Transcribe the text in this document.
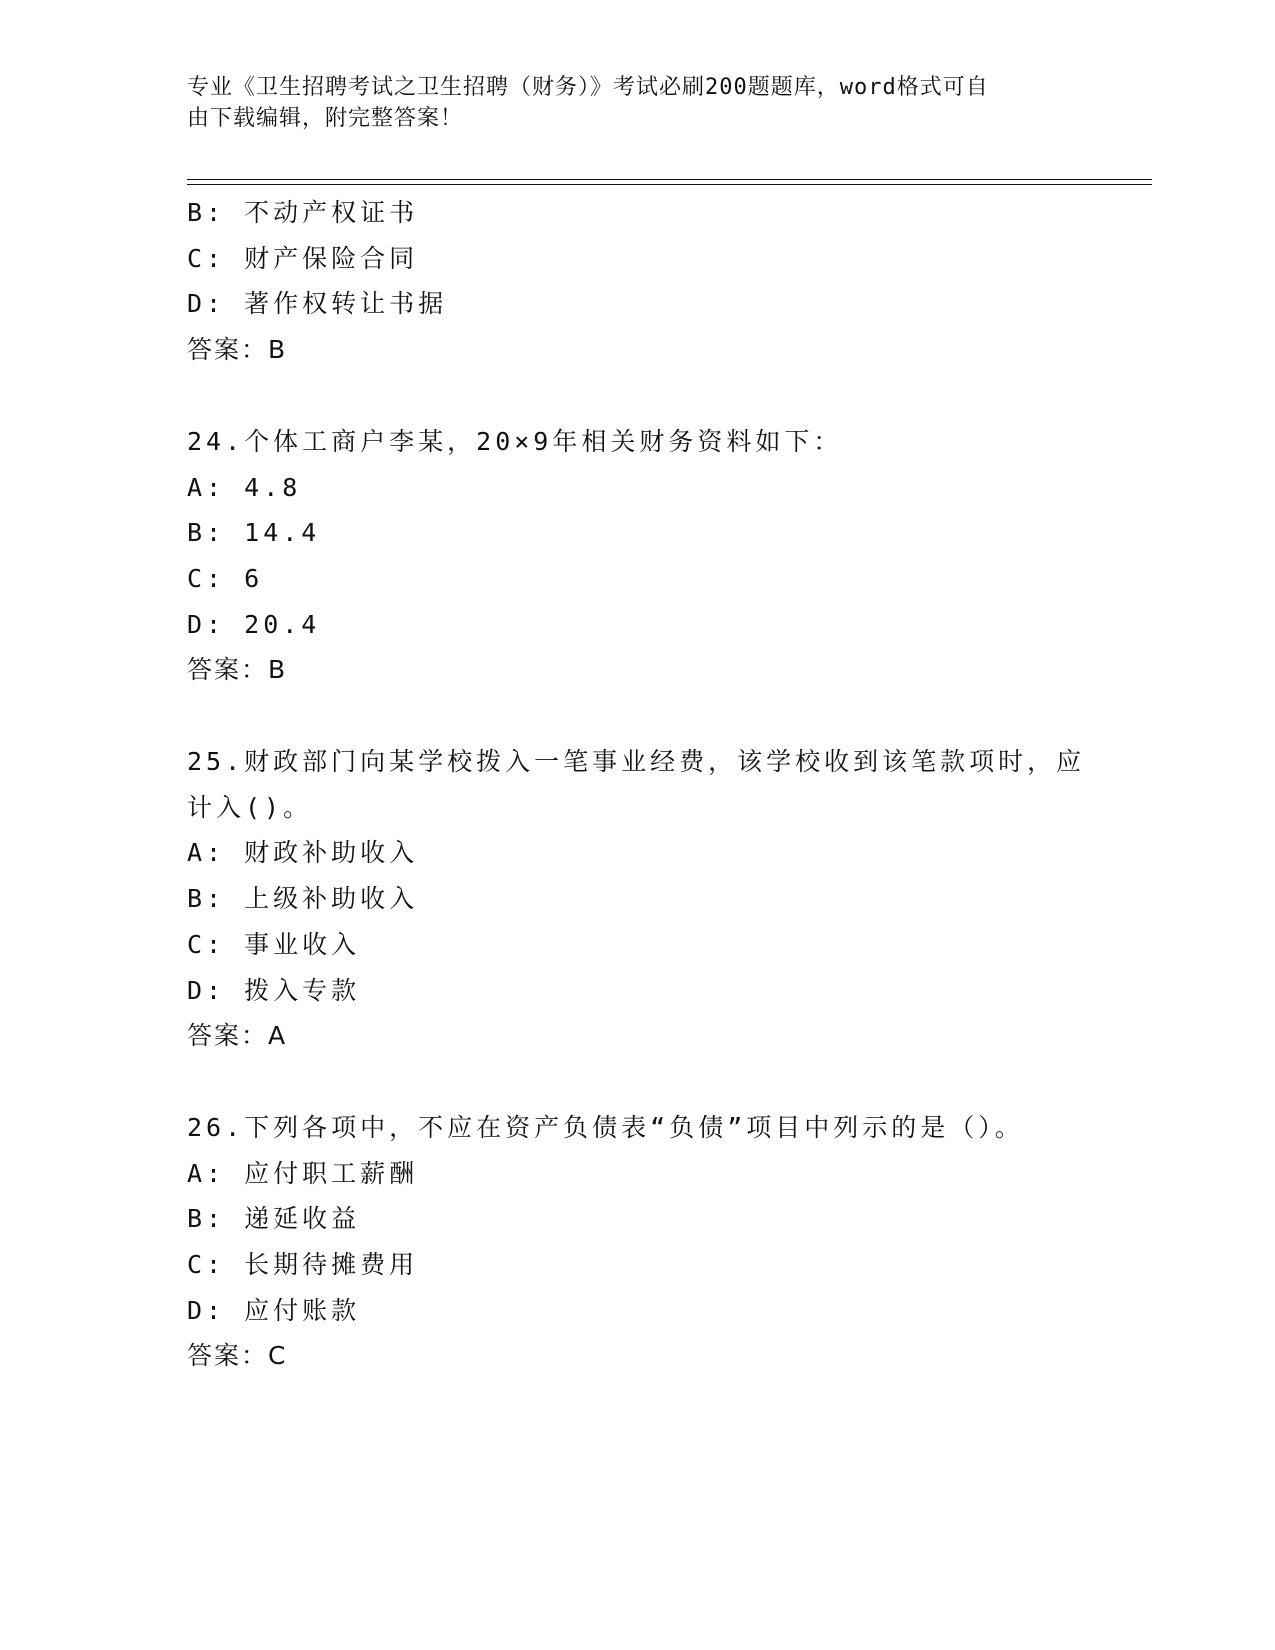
专业《卫生招聘考试之卫生招聘（财务）》考试必刷200题题库，word格式可自
由下载编辑，附完整答案！
B: 不动产权证书
C: 财产保险合同
D: 著作权转让书据
答案：B
24.个体工商户李某，20×9年相关财务资料如下：
A: 4.8
B: 14.4
C: 6
D: 20.4
答案：B
25.财政部门向某学校拨入一笔事业经费，该学校收到该笔款项时，应
计入()。
A: 财政补助收入
B: 上级补助收入
C: 事业收入
D: 拨入专款
答案：A
26.下列各项中，不应在资产负债表“负债”项目中列示的是（）。
A: 应付职工薪酬
B: 递延收益
C: 长期待摊费用
D: 应付账款
答案：C
